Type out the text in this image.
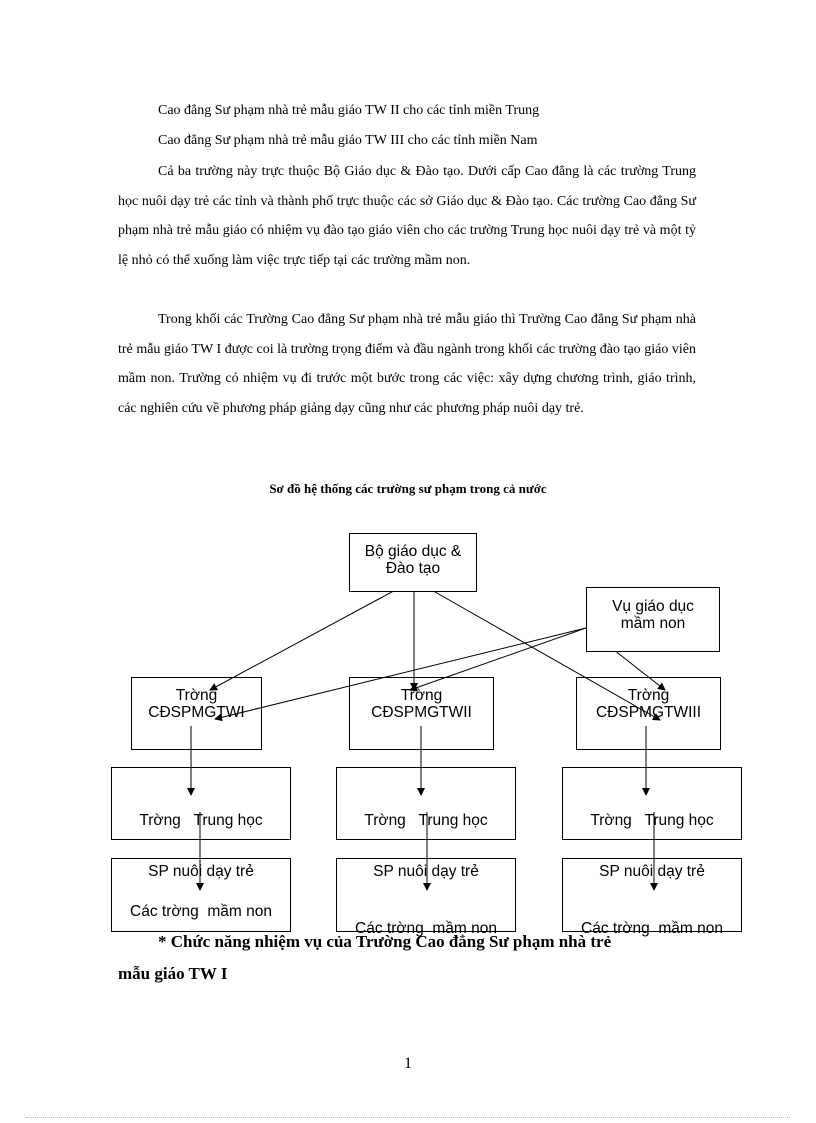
Cao đẳng Sư phạm nhà trẻ mẫu giáo TW II cho các tỉnh miền Trung

Cao đẳng Sư phạm nhà trẻ mẫu giáo TW III cho các tỉnh miền Nam

Cả ba trường này trực thuộc Bộ Giáo dục & Đào tạo. Dưới cấp Cao đẳng là các trường Trung học nuôi dạy trẻ các tỉnh và thành phố trực thuộc các sở Giáo dục & Đào tạo. Các trường Cao đẳng Sư phạm nhà trẻ mẫu giáo có nhiệm vụ đào tạo giáo viên cho các trường Trung học nuôi dạy trẻ và một tỷ lệ nhỏ có thể xuống làm việc trực tiếp tại các trường mầm non.

Trong khối các Trường Cao đẳng Sư phạm nhà trẻ mẫu giáo thì Trường Cao đẳng Sư phạm nhà trẻ mẫu giáo TW I được coi là trường trọng điểm và đầu ngành trong khối các trường đào tạo giáo viên mầm non. Trường có nhiệm vụ đi trước một bước trong các việc: xây dựng chương trình, giáo trình, các nghiên cứu về phương pháp giảng dạy cũng như các phương pháp nuôi dạy trẻ.

Sơ đồ hệ thống các trường sư phạm trong cả nước

Bộ giáo dục &
Đào tạo
Vụ giáo dục
mầm non
Trờng
CĐSPMGTWI
Trờng
CĐSPMGTWII
Trờng
CĐSPMGTWIII

Trờng   Trung học

SP nuôi dạy trẻ

Trờng   Trung học

SP nuôi dạy trẻ

Trờng   Trung học

SP nuôi dạy trẻ

Các trờng  mầm non

Các trờng  mầm non

	Các trờng  mầm non

* Chức năng nhiệm vụ của Trường Cao đẳng Sư phạm nhà trẻ

mẫu giáo TW I

1
